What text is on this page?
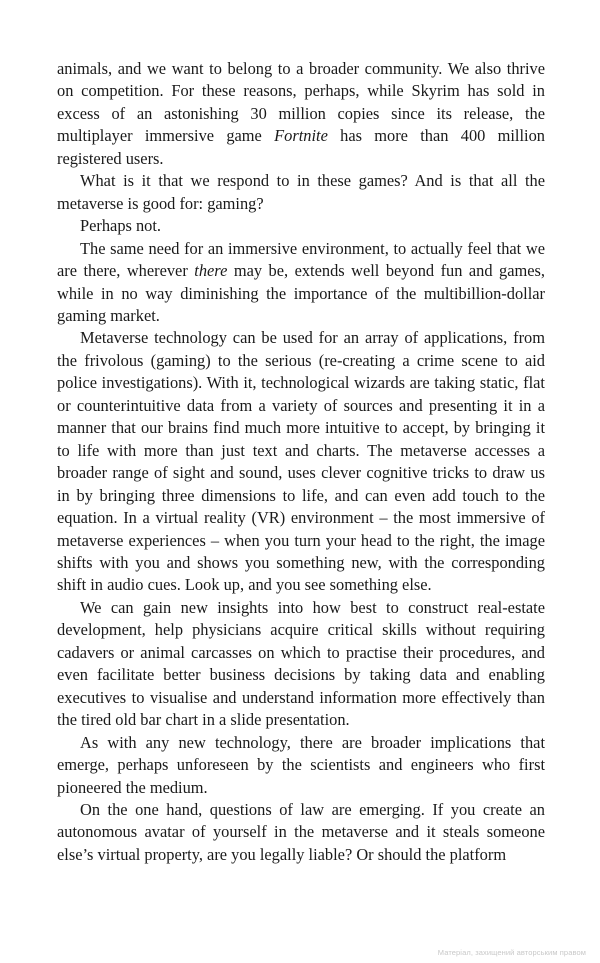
animals, and we want to belong to a broader community. We also thrive on competition. For these reasons, perhaps, while Skyrim has sold in excess of an astonishing 30 million copies since its release, the multiplayer immersive game Fortnite has more than 400 million registered users.

What is it that we respond to in these games? And is that all the metaverse is good for: gaming?

Perhaps not.

The same need for an immersive environment, to actually feel that we are there, wherever there may be, extends well beyond fun and games, while in no way diminishing the importance of the multibillion-dollar gaming market.

Metaverse technology can be used for an array of applications, from the frivolous (gaming) to the serious (re-creating a crime scene to aid police investigations). With it, technological wizards are taking static, flat or counterintuitive data from a variety of sources and presenting it in a manner that our brains find much more intuitive to accept, by bringing it to life with more than just text and charts. The metaverse accesses a broader range of sight and sound, uses clever cognitive tricks to draw us in by bringing three dimensions to life, and can even add touch to the equation. In a virtual reality (VR) environment – the most immersive of metaverse experiences – when you turn your head to the right, the image shifts with you and shows you something new, with the corresponding shift in audio cues. Look up, and you see something else.

We can gain new insights into how best to construct real-estate development, help physicians acquire critical skills without requiring cadavers or animal carcasses on which to practise their procedures, and even facilitate better business decisions by taking data and enabling executives to visualise and understand information more effectively than the tired old bar chart in a slide presentation.

As with any new technology, there are broader implications that emerge, perhaps unforeseen by the scientists and engineers who first pioneered the medium.

On the one hand, questions of law are emerging. If you create an autonomous avatar of yourself in the metaverse and it steals someone else’s virtual property, are you legally liable? Or should the platform

Матеріал, захищений авторським правом
